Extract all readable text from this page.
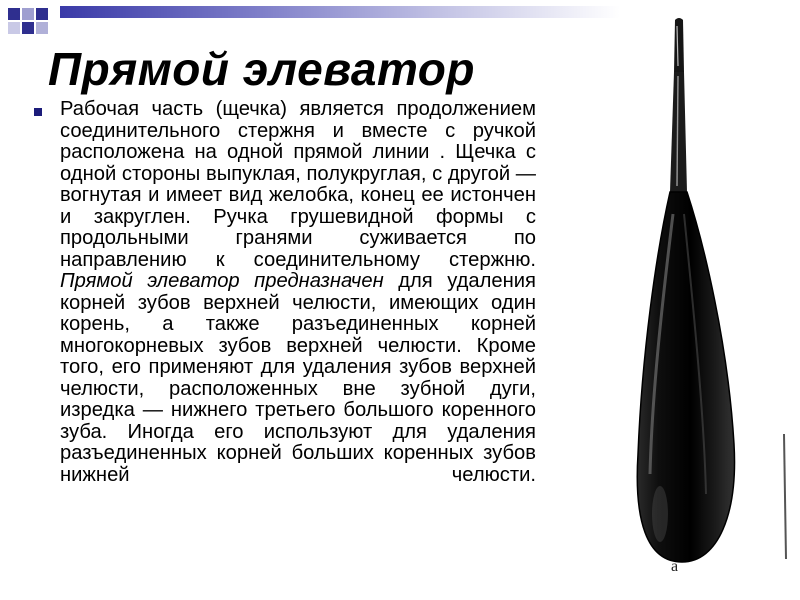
Прямой элеватор

Рабочая часть (щечка) является продолжением соединительного стержня и вместе с ручкой расположена на одной прямой линии . Щечка с одной стороны выпуклая, полукруглая, с другой — вогнутая и имеет вид желобка, конец ее истончен и закруглен. Ручка грушевидной формы с продольными гранями суживается по направлению к соединительному стержню. Прямой элеватор предназначен для удаления корней зубов верхней челюсти, имеющих один корень, а также разъединенных корней многокорневых зубов верхней челюсти. Кроме того, его применяют для удаления зубов верхней челюсти, расположенных вне зубной дуги, изредка — нижнего третьего большого коренного зуба. Иногда его используют для удаления разъединенных корней больших коренных зубов нижней челюсти.

a
